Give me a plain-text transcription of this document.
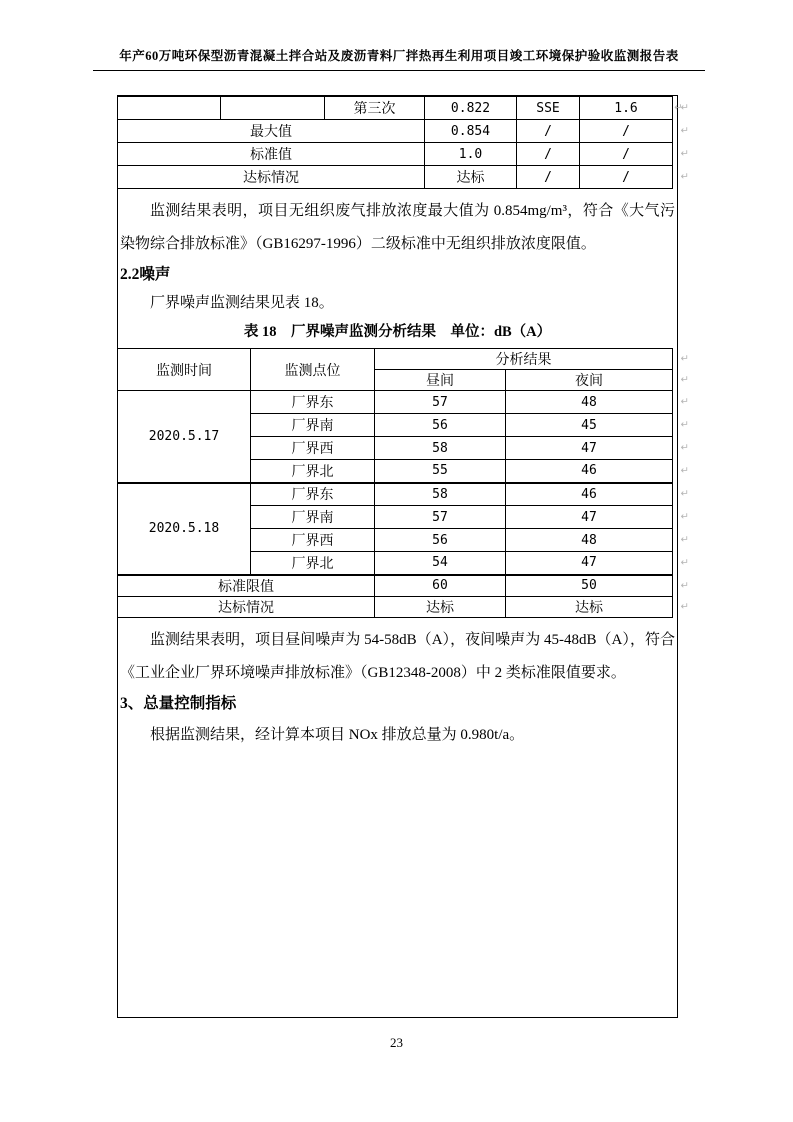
年产60万吨环保型沥青混凝土拌合站及废沥青料厂拌热再生利用项目竣工环境保护验收监测报告表
		第三次	0.822	SSE	1.6 ↵↵

最大值			0.854	/	/ ↵

标准值			1.0	/	/ ↵

达标情况			达标	/	/ ↵

监测结果表明，项目无组织废气排放浓度最大值为 0.854mg/m³，符合《大气污染物综合排放标准》（GB16297-1996）二级标准中无组织排放浓度限值。

2.2噪声

厂界噪声监测结果见表 18。

表 18　厂界噪声监测分析结果　单位：dB（A）
监测时间	监测点位	分析结果 ↵	

		昼间	夜间 ↵

2020.5.17	厂界东	57	48 ↵

	厂界南	56	45 ↵

	厂界西	58	47 ↵

	厂界北	55	46 ↵

2020.5.18	厂界东	58	46 ↵

	厂界南	57	47 ↵

	厂界西	56	48 ↵

	厂界北	54	47 ↵

标准限值		60	50 ↵

达标情况		达标	达标 ↵

监测结果表明，项目昼间噪声为 54-58dB（A），夜间噪声为 45-48dB（A），符合《工业企业厂界环境噪声排放标准》（GB12348-2008）中 2 类标准限值要求。

3、总量控制指标

根据监测结果，经计算本项目 NOx 排放总量为 0.980t/a。

23
